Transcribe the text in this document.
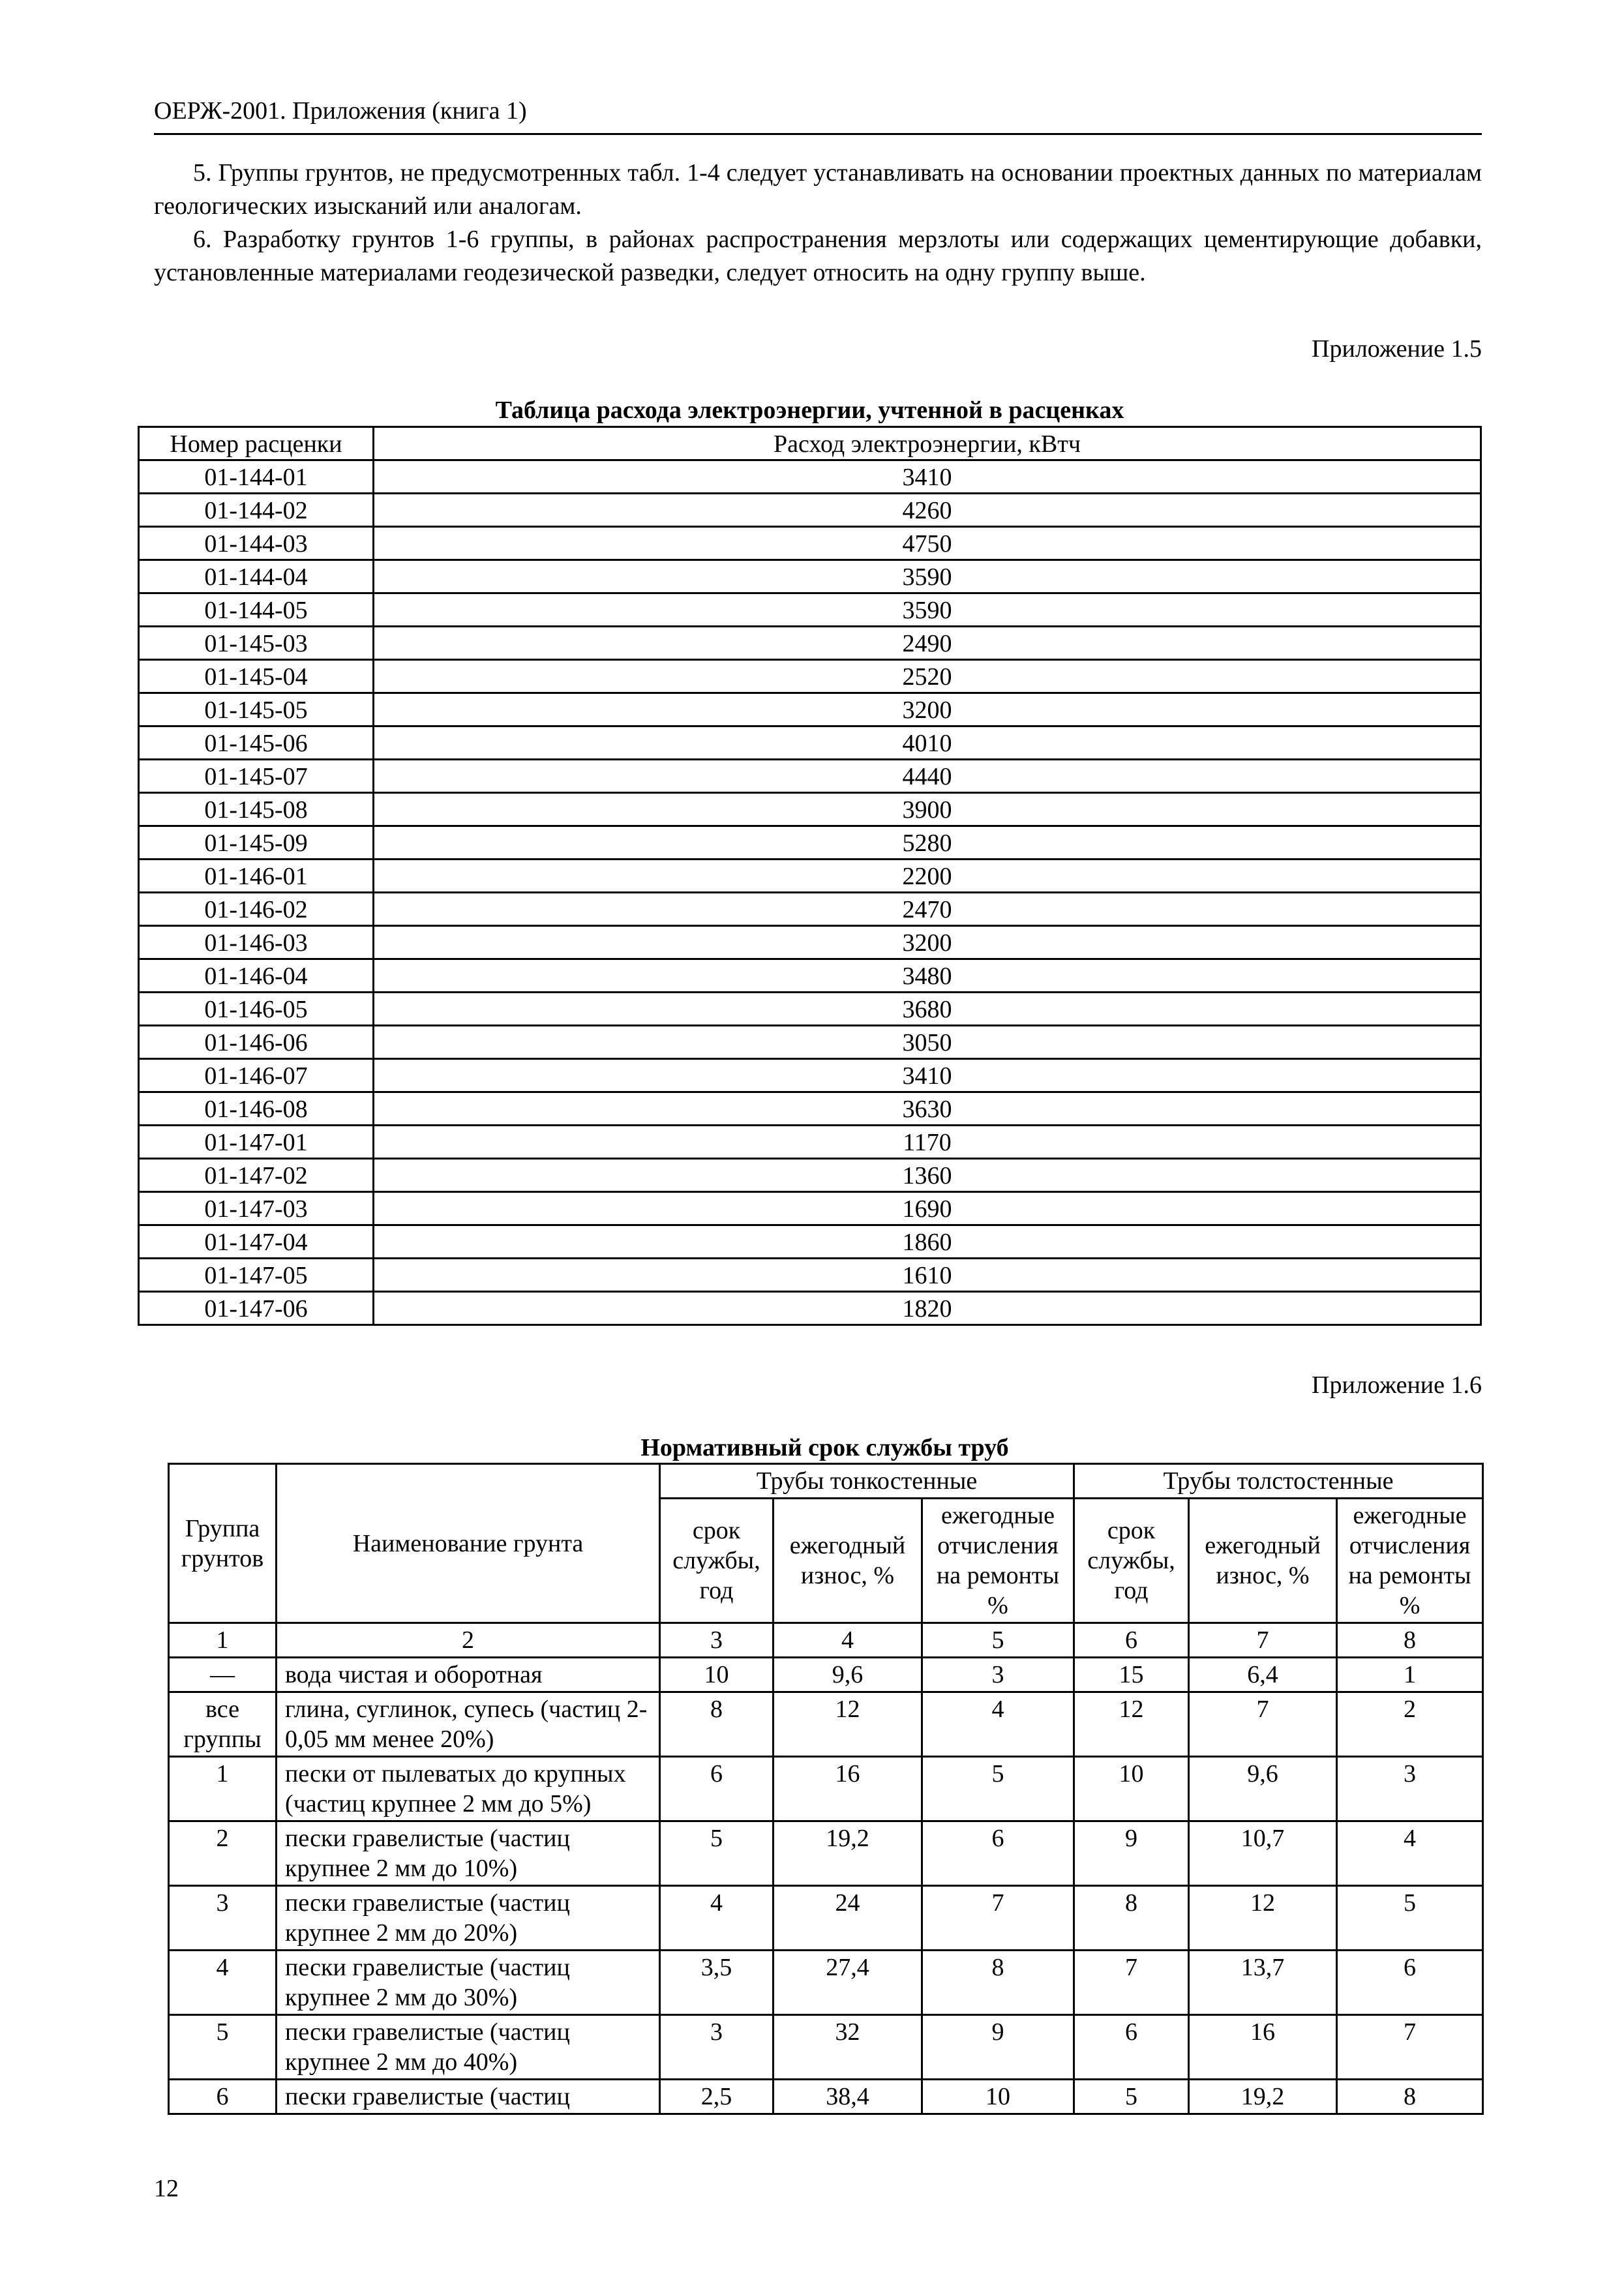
ОЕРЖ-2001. Приложения (книга 1)
5. Группы грунтов, не предусмотренных табл. 1-4 следует устанавливать на основании проектных данных по материалам геологических изысканий или аналогам.
6. Разработку грунтов 1-6 группы, в районах распространения мерзлоты или содержащих цементирующие добавки, установленные материалами геодезической разведки, следует относить на одну группу выше.
Приложение 1.5
Таблица расхода электроэнергии, учтенной в расценках
Номер расценки	Расход электроэнергии, кВтч
01-144-01	3410
01-144-02	4260
01-144-03	4750
01-144-04	3590
01-144-05	3590
01-145-03	2490
01-145-04	2520
01-145-05	3200
01-145-06	4010
01-145-07	4440
01-145-08	3900
01-145-09	5280
01-146-01	2200
01-146-02	2470
01-146-03	3200
01-146-04	3480
01-146-05	3680
01-146-06	3050
01-146-07	3410
01-146-08	3630
01-147-01	1170
01-147-02	1360
01-147-03	1690
01-147-04	1860
01-147-05	1610
01-147-06	1820
Приложение 1.6
Нормативный срок службы труб
Группа грунтов	Наименование грунта	Трубы тонкостенные			Трубы толстостенные		
		срок службы, год	ежегодный износ, %	ежегодные отчисления на ремонты %	срок службы, год	ежегодный износ, %	ежегодные отчисления на ремонты %
1	2	3	4	5	6	7	8
—	вода чистая и оборотная	10	9,6	3	15	6,4	1
все группы	глина, суглинок, супесь (частиц 2-0,05 мм менее 20%)	8	12	4	12	7	2
1	пески от пылеватых до крупных (частиц крупнее 2 мм до 5%)	6	16	5	10	9,6	3
2	пески гравелистые (частиц крупнее 2 мм до 10%)	5	19,2	6	9	10,7	4
3	пески гравелистые (частиц крупнее 2 мм до 20%)	4	24	7	8	12	5
4	пески гравелистые (частиц крупнее 2 мм до 30%)	3,5	27,4	8	7	13,7	6
5	пески гравелистые (частиц крупнее 2 мм до 40%)	3	32	9	6	16	7
6	пески гравелистые (частиц	2,5	38,4	10	5	19,2	8
12
